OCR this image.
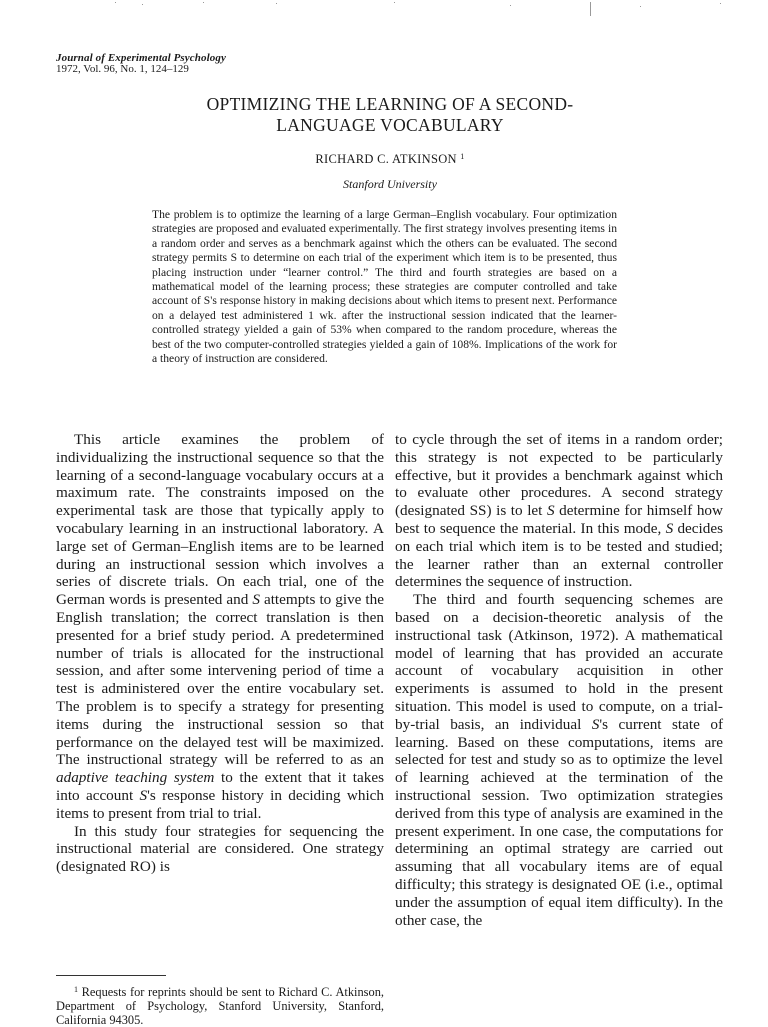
Journal of Experimental Psychology
1972, Vol. 96, No. 1, 124–129
OPTIMIZING THE LEARNING OF A SECOND-
LANGUAGE VOCABULARY
RICHARD C. ATKINSON $^1$
Stanford University

The problem is to optimize the learning of a large German–English vocabulary. Four optimization strategies are proposed and evaluated experimentally. The first strategy involves presenting items in a random order and serves as a benchmark against which the others can be evaluated. The second strategy permits S to determine on each trial of the experiment which item is to be presented, thus placing instruction under “learner control.” The third and fourth strategies are based on a mathematical model of the learning process; these strategies are computer controlled and take account of S's response history in making decisions about which items to present next. Performance on a delayed test administered 1 wk. after the instructional session indicated that the learner-controlled strategy yielded a gain of 53% when compared to the random procedure, whereas the best of the two computer-controlled strategies yielded a gain of 108%. Implications of the work for a theory of instruction are considered.

This article examines the problem of individualizing the instructional sequence so that the learning of a second-language vocabulary occurs at a maximum rate. The constraints imposed on the experimental task are those that typically apply to vocabulary learning in an instructional laboratory. A large set of German–English items are to be learned during an instructional session which involves a series of discrete trials. On each trial, one of the German words is presented and S attempts to give the English translation; the correct translation is then presented for a brief study period. A predetermined number of trials is allocated for the instructional session, and after some intervening period of time a test is administered over the entire vocabulary set. The problem is to specify a strategy for presenting items during the instructional session so that performance on the delayed test will be maximized. The instructional strategy will be referred to as an adaptive teaching system to the extent that it takes into account S's response history in deciding which items to present from trial to trial.

In this study four strategies for sequencing the instructional material are considered. One strategy (designated RO) is

to cycle through the set of items in a random order; this strategy is not expected to be particularly effective, but it provides a benchmark against which to evaluate other procedures. A second strategy (designated SS) is to let S determine for himself how best to sequence the material. In this mode, S decides on each trial which item is to be tested and studied; the learner rather than an external controller determines the sequence of instruction.

The third and fourth sequencing schemes are based on a decision-theoretic analysis of the instructional task (Atkinson, 1972). A mathematical model of learning that has provided an accurate account of vocabulary acquisition in other experiments is assumed to hold in the present situation. This model is used to compute, on a trial-by-trial basis, an individual S's current state of learning. Based on these computations, items are selected for test and study so as to optimize the level of learning achieved at the termination of the instructional session. Two optimization strategies derived from this type of analysis are examined in the present experiment. In one case, the computations for determining an optimal strategy are carried out assuming that all vocabulary items are of equal difficulty; this strategy is designated OE (i.e., optimal under the assumption of equal item difficulty). In the other case, the

$^1$ Requests for reprints should be sent to Richard C. Atkinson, Department of Psychology, Stanford University, Stanford, California 94305.
